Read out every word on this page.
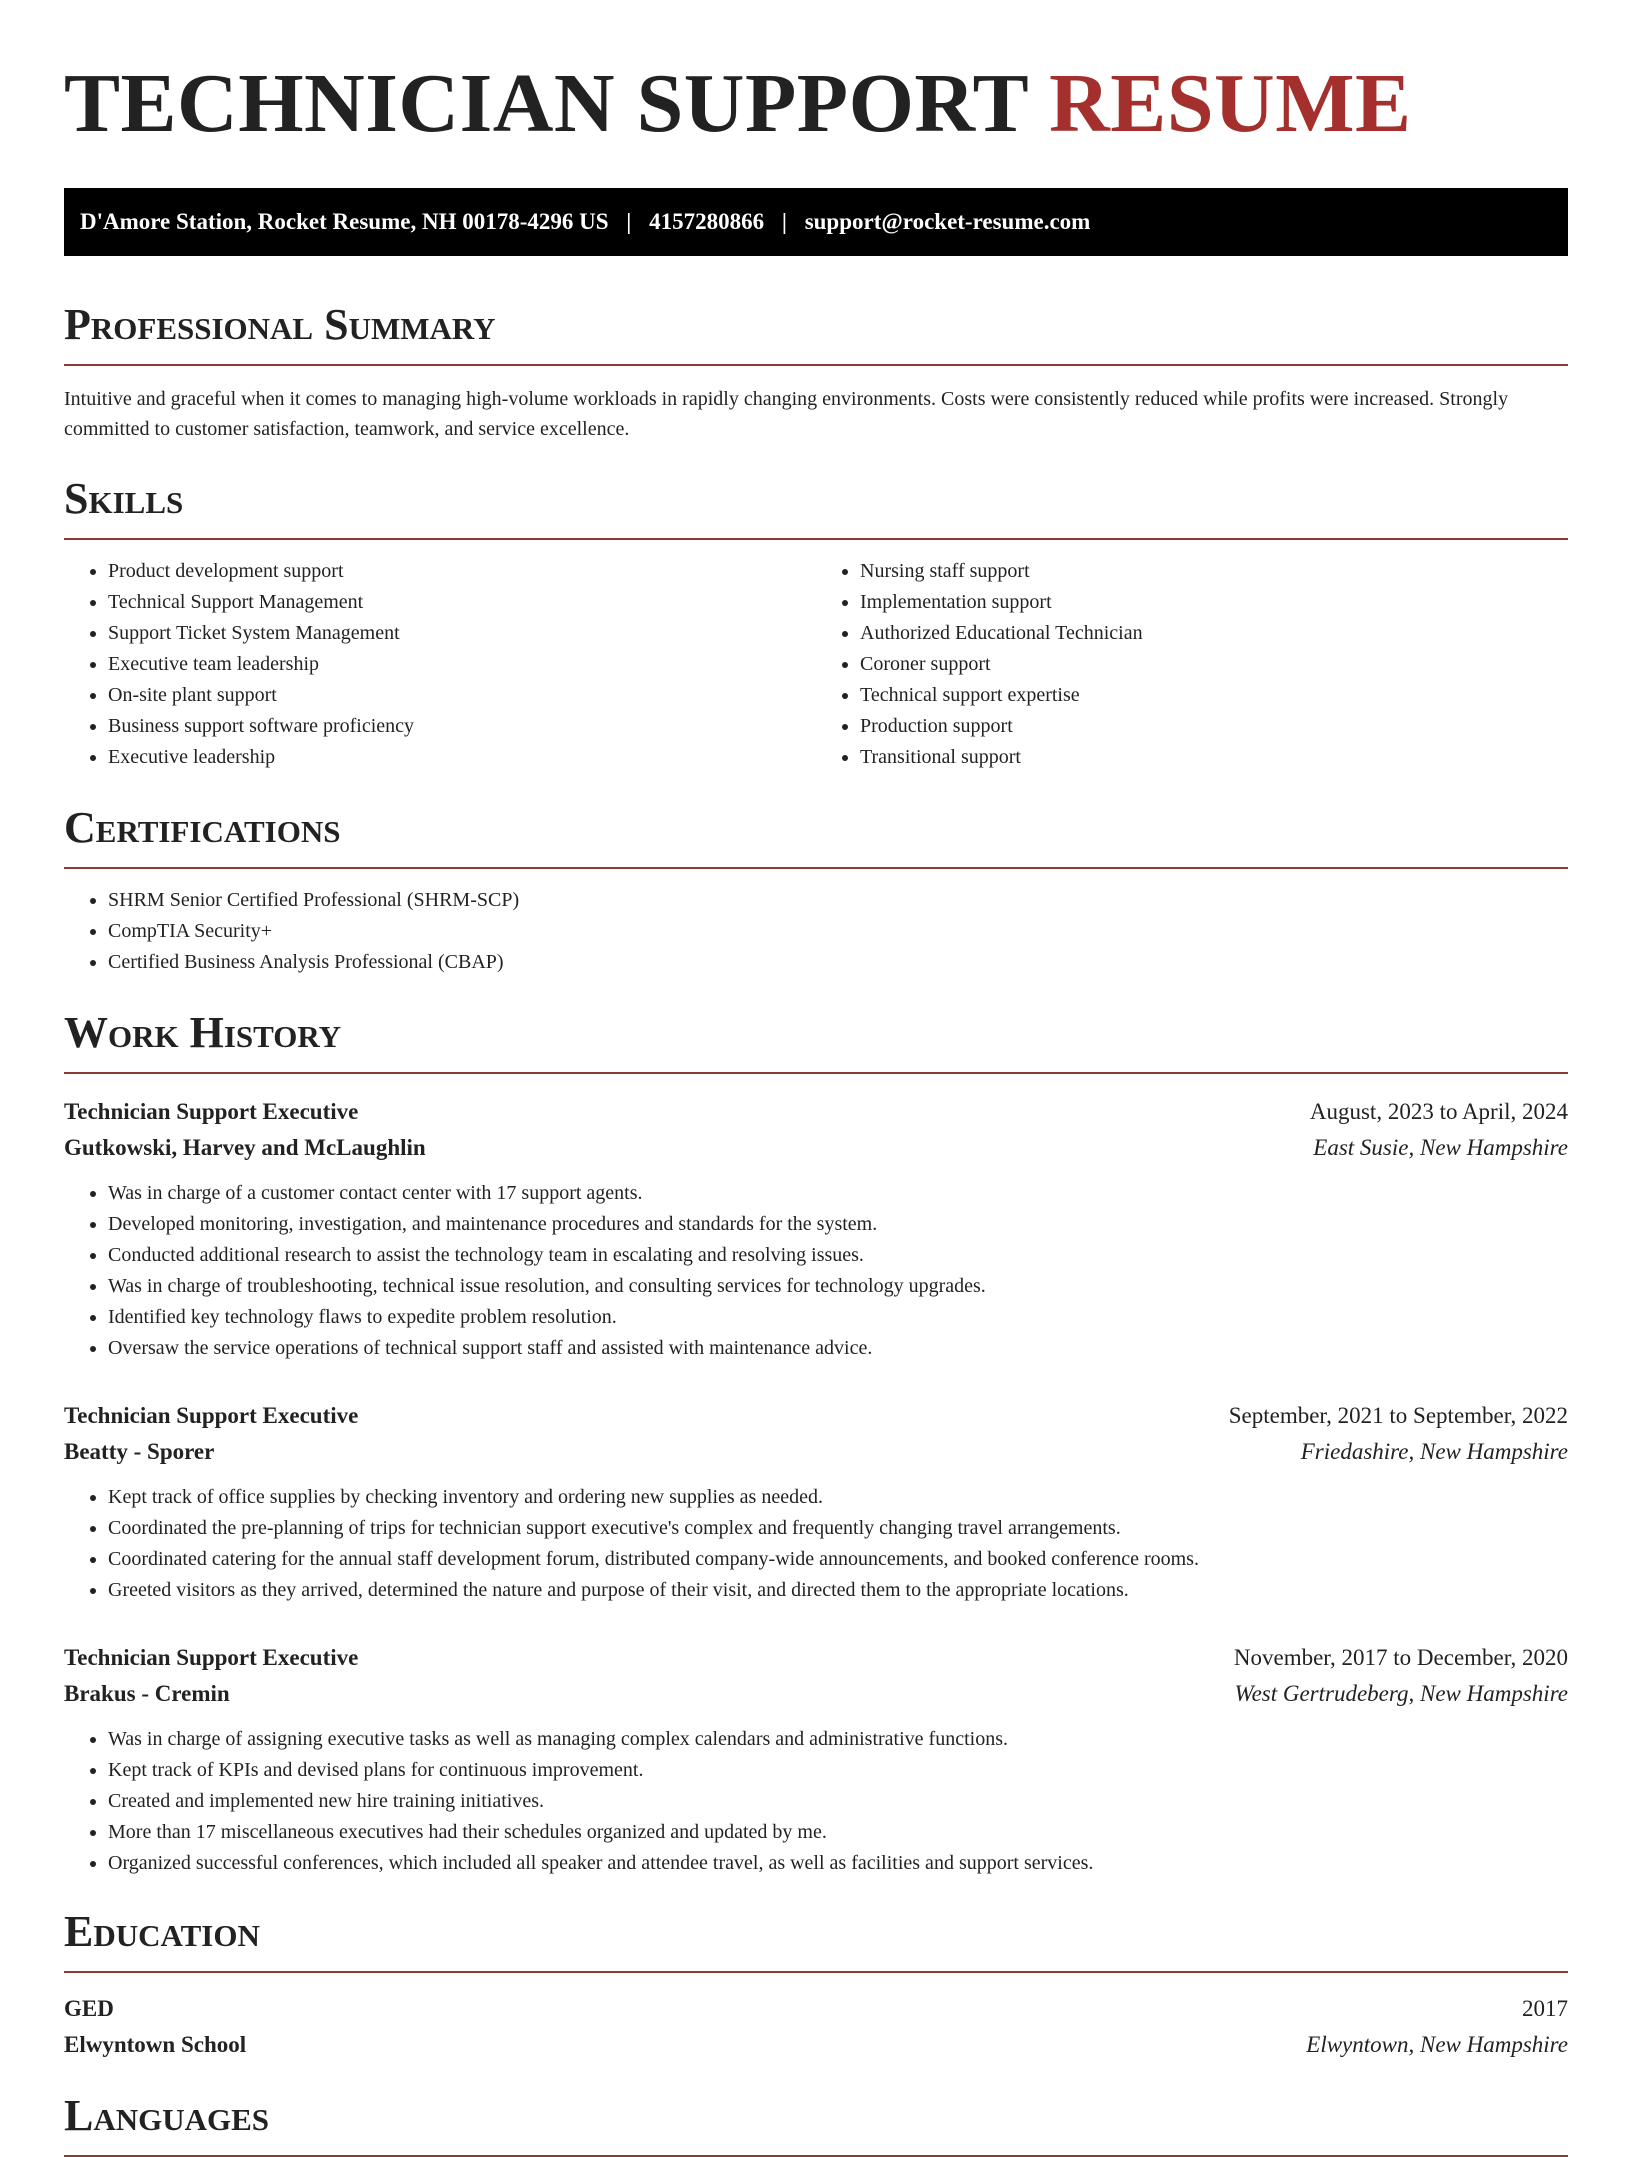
TECHNICIAN SUPPORT RESUME
D'Amore Station, Rocket Resume, NH 00178-4296 US | 4157280866 | support@rocket-resume.com
Professional Summary

Intuitive and graceful when it comes to managing high-volume workloads in rapidly changing environments. Costs were consistently reduced while profits were increased. Strongly committed to customer satisfaction, teamwork, and service excellence.

Skills
• Product development support
• Technical Support Management
• Support Ticket System Management
• Executive team leadership
• On-site plant support
• Business support software proficiency
• Executive leadership
• Nursing staff support
• Implementation support
• Authorized Educational Technician
• Coroner support
• Technical support expertise
• Production support
• Transitional support
Certifications
• SHRM Senior Certified Professional (SHRM-SCP)
• CompTIA Security+
• Certified Business Analysis Professional (CBAP)
Work History
Technician Support Executive	August, 2023 to April, 2024
Gutkowski, Harvey and McLaughlin	East Susie, New Hampshire
• Was in charge of a customer contact center with 17 support agents.
• Developed monitoring, investigation, and maintenance procedures and standards for the system.
• Conducted additional research to assist the technology team in escalating and resolving issues.
• Was in charge of troubleshooting, technical issue resolution, and consulting services for technology upgrades.
• Identified key technology flaws to expedite problem resolution.
• Oversaw the service operations of technical support staff and assisted with maintenance advice.
Technician Support Executive	September, 2021 to September, 2022
Beatty - Sporer	Friedashire, New Hampshire
• Kept track of office supplies by checking inventory and ordering new supplies as needed.
• Coordinated the pre-planning of trips for technician support executive's complex and frequently changing travel arrangements.
• Coordinated catering for the annual staff development forum, distributed company-wide announcements, and booked conference rooms.
• Greeted visitors as they arrived, determined the nature and purpose of their visit, and directed them to the appropriate locations.
Technician Support Executive	November, 2017 to December, 2020
Brakus - Cremin	West Gertrudeberg, New Hampshire
• Was in charge of assigning executive tasks as well as managing complex calendars and administrative functions.
• Kept track of KPIs and devised plans for continuous improvement.
• Created and implemented new hire training initiatives.
• More than 17 miscellaneous executives had their schedules organized and updated by me.
• Organized successful conferences, which included all speaker and attendee travel, as well as facilities and support services.
Education
GED	2017
Elwyntown School	Elwyntown, New Hampshire
Languages
